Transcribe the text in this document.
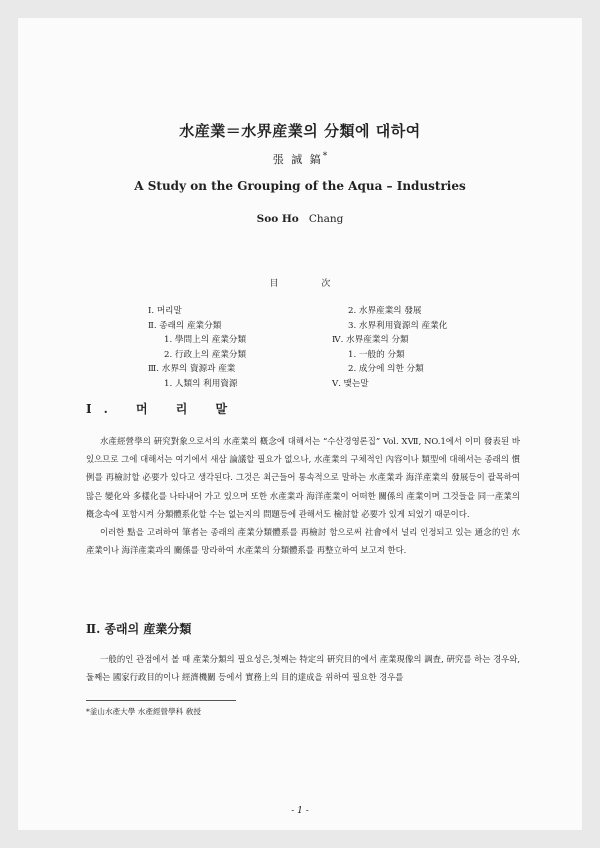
水産業＝水界産業의 分類에 대하여
張 誠 鎬*
A Study on the Grouping of the Aqua – Industries
Soo Ho Chang
目 次
Ⅰ. 머리말
Ⅱ. 종래의 産業分類
1. 學問上의 産業分類
2. 行政上의 産業分類
Ⅲ. 水界의 資源과 産業
1. 人類의 利用資源
2. 水界産業의 發展
3. 水界利用資源의 産業化
Ⅳ. 水界産業의 分類
1. 一般的 分類
2. 成分에 의한 分類
Ⅴ. 맺는말
Ⅰ. 머 리 말

水產經營學의 硏究對象으로서의 水產業의 槪念에 대해서는 “수산경영론집” Vol. ⅩⅦ, NO.1에서 이미 發表된 바 있으므로 그에 대해서는 여기에서 새삼 論議할 필요가 없으나, 水產業의 구체적인 內容이나 類型에 대해서는 종래의 慣例를 再檢討할 必要가 있다고 생각된다. 그것은 최근들어 통속적으로 말하는 水產業과 海洋產業의 發展등이 괄목하여 많은 變化와 多樣化를 나타내어 가고 있으며 또한 水產業과 海洋產業이 어떠한 關係의 產業이며 그것들을 同一產業의 槪念속에 포함시켜 分類體系化할 수는 없는지의 問題등에 관해서도 檢討할 必要가 있게 되었기 때문이다.

이러한 點을 고려하여 筆者는 종래의 產業分類體系를 再檢討 함으로써 社會에서 널리 인정되고 있는 通念的인 水產業이나 海洋產業과의 關係를 망라하여 水產業의 分類體系를 再整立하여 보고져 한다.

Ⅱ. 종래의 産業分類

一般的인 관점에서 볼 때 產業分類의 필요성은,첫째는 特定의 硏究目的에서 產業現像의 調査, 硏究를 하는 경우와, 둘째는 國家行政目的이나 經濟機關 등에서 實務上의 目的達成을 위하여 필요한 경우를

*釜山水產大學 水產經營學科 敎授
- 1 -
